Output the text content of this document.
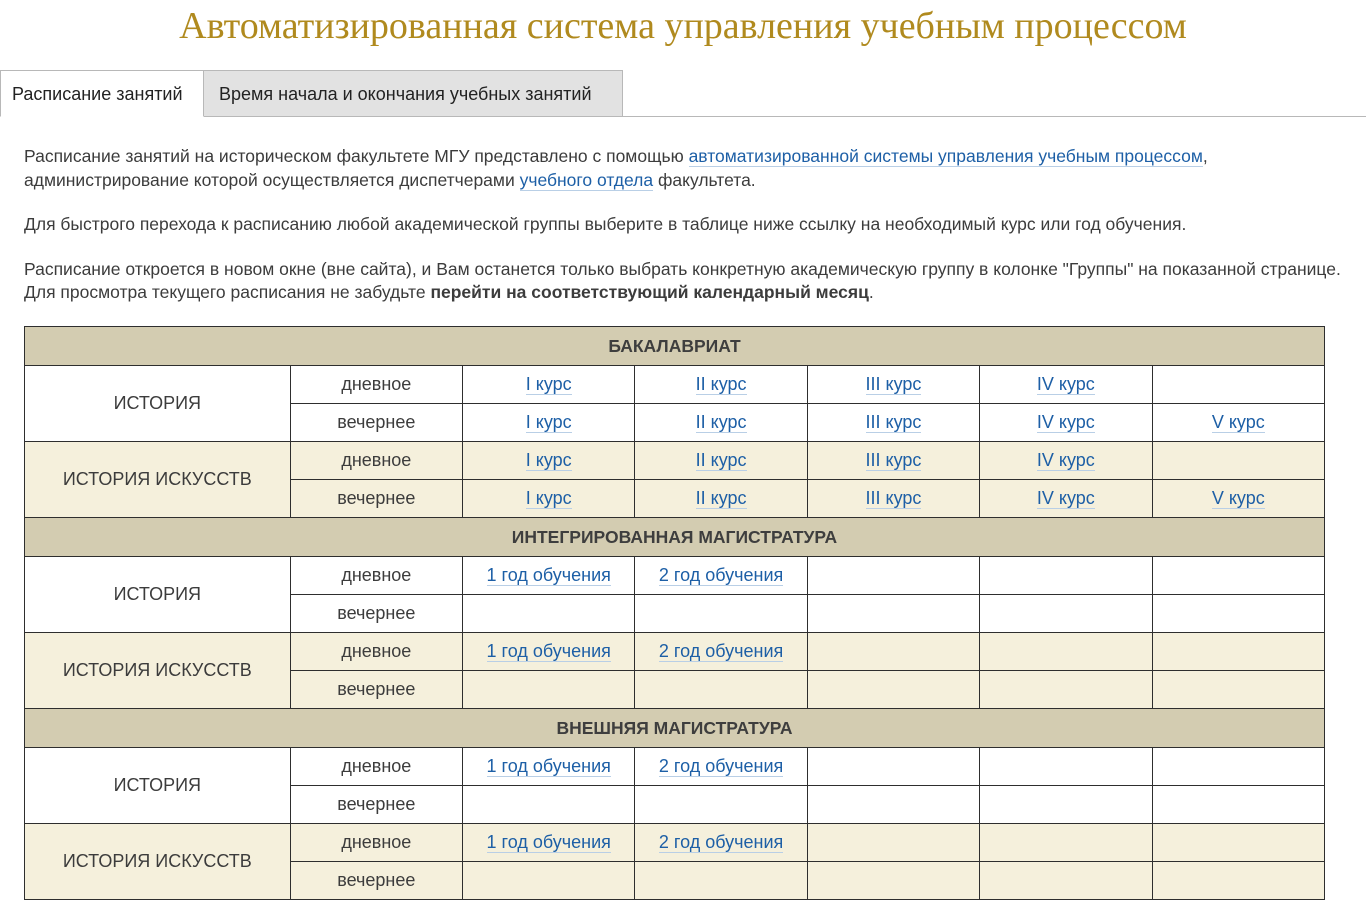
Автоматизированная система управления учебным процессом
Расписание занятий	Время начала и окончания учебных занятий

Расписание занятий на историческом факультете МГУ представлено с помощью автоматизированной системы управления учебным процессом, администрирование которой осуществляется диспетчерами учебного отдела факультета.

Для быстрого перехода к расписанию любой академической группы выберите в таблице ниже ссылку на необходимый курс или год обучения.

Расписание откроется в новом окне (вне сайта), и Вам останется только выбрать конкретную академическую группу в колонке "Группы" на показанной странице. Для просмотра текущего расписания не забудьте перейти на соответствующий календарный месяц.

БАКАЛАВРИАТ						
ИСТОРИЯ	дневное	I курс	II курс	III курс	IV курс	
	вечернее	I курс	II курс	III курс	IV курс	V курс
ИСТОРИЯ ИСКУССТВ	дневное	I курс	II курс	III курс	IV курс	
	вечернее	I курс	II курс	III курс	IV курс	V курс
ИНТЕГРИРОВАННАЯ МАГИСТРАТУРА						
ИСТОРИЯ	дневное	1 год обучения	2 год обучения			
	вечернее					
ИСТОРИЯ ИСКУССТВ	дневное	1 год обучения	2 год обучения			
	вечернее					
ВНЕШНЯЯ МАГИСТРАТУРА						
ИСТОРИЯ	дневное	1 год обучения	2 год обучения			
	вечернее					
ИСТОРИЯ ИСКУССТВ	дневное	1 год обучения	2 год обучения			
	вечернее					
